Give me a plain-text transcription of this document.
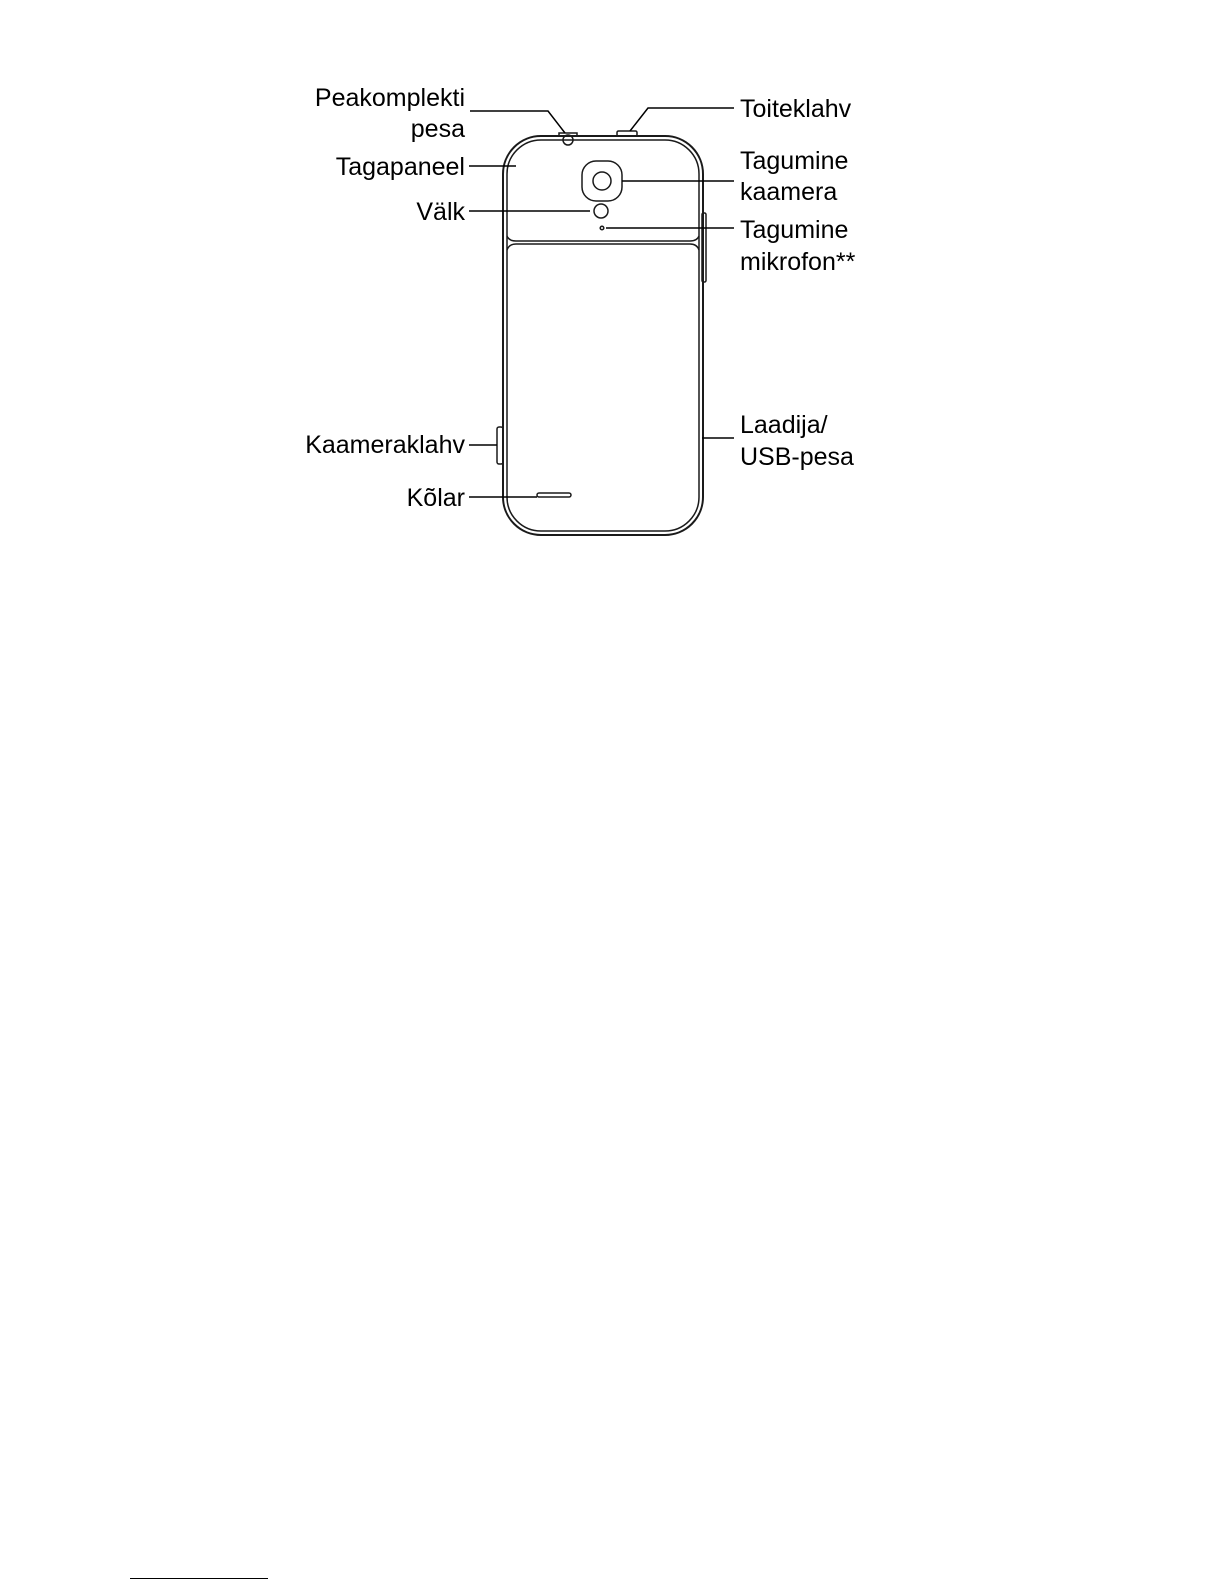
Peakomplekti
pesa
Tagapaneel
Välk
Kaameraklahv
Kõlar
Toiteklahv
Tagumine
kaamera
Tagumine
mikrofon**
Laadija/
USB-pesa
